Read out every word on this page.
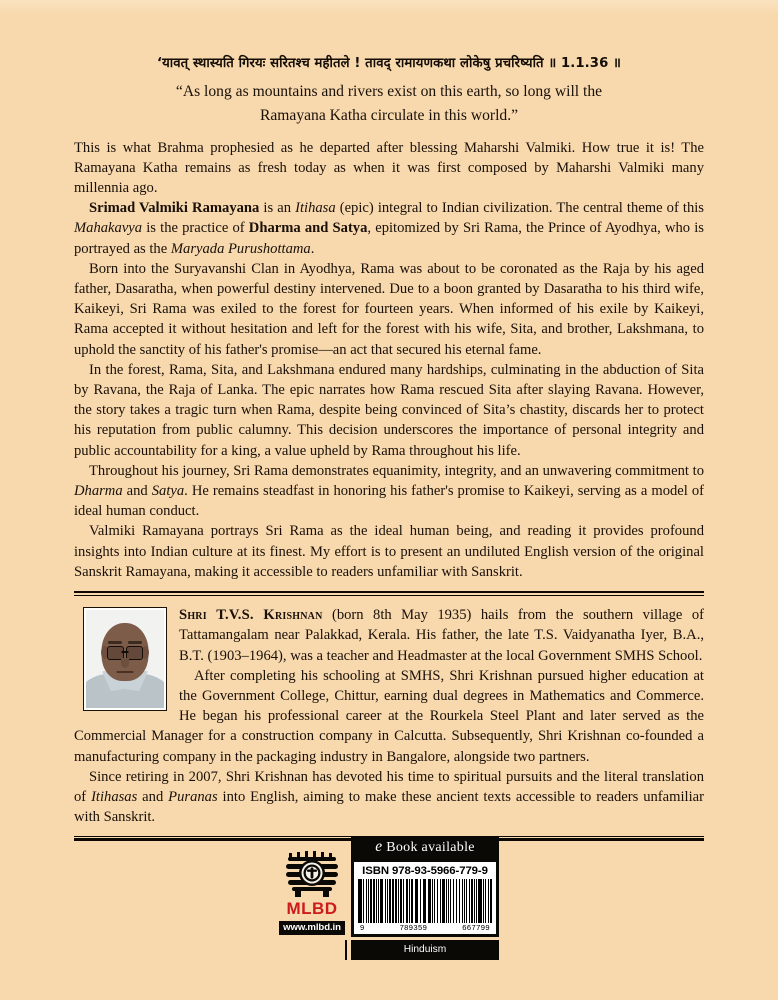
‘यावत् स्थास्यति गिरयः सरितश्च महीतले ! तावद् रामायणकथा लोकेषु प्रचरिष्यति ॥ 1.1.36 ॥
“As long as mountains and rivers exist on this earth, so long will the
Ramayana Katha circulate in this world.”

This is what Brahma prophesied as he departed after blessing Maharshi Valmiki. How true it is! The Ramayana Katha remains as fresh today as when it was first composed by Maharshi Valmiki many millennia ago.

Srimad Valmiki Ramayana is an Itihasa (epic) integral to Indian civilization. The central theme of this Mahakavya is the practice of Dharma and Satya, epitomized by Sri Rama, the Prince of Ayodhya, who is portrayed as the Maryada Purushottama.

Born into the Suryavanshi Clan in Ayodhya, Rama was about to be coronated as the Raja by his aged father, Dasaratha, when powerful destiny intervened. Due to a boon granted by Dasaratha to his third wife, Kaikeyi, Sri Rama was exiled to the forest for fourteen years. When informed of his exile by Kaikeyi, Rama accepted it without hesitation and left for the forest with his wife, Sita, and brother, Lakshmana, to uphold the sanctity of his father's promise—an act that secured his eternal fame.

In the forest, Rama, Sita, and Lakshmana endured many hardships, culminating in the abduction of Sita by Ravana, the Raja of Lanka. The epic narrates how Rama rescued Sita after slaying Ravana. However, the story takes a tragic turn when Rama, despite being convinced of Sita’s chastity, discards her to protect his reputation from public calumny. This decision underscores the importance of personal integrity and public accountability for a king, a value upheld by Rama throughout his life.

Throughout his journey, Sri Rama demonstrates equanimity, integrity, and an unwavering commitment to Dharma and Satya. He remains steadfast in honoring his father's promise to Kaikeyi, serving as a model of ideal human conduct.

Valmiki Ramayana portrays Sri Rama as the ideal human being, and reading it provides profound insights into Indian culture at its finest. My effort is to present an undiluted English version of the original Sanskrit Ramayana, making it accessible to readers unfamiliar with Sanskrit.

Shri T.V.S. Krishnan (born 8th May 1935) hails from the southern village of Tattamangalam near Palakkad, Kerala. His father, the late T.S. Vaidyanatha Iyer, B.A., B.T. (1903–1964), was a teacher and Headmaster at the local Government SMHS School.

After completing his schooling at SMHS, Shri Krishnan pursued higher education at the Government College, Chittur, earning dual degrees in Mathematics and Commerce. He began his professional career at the Rourkela Steel Plant and later served as the Commercial Manager for a construction company in Calcutta. Subsequently, Shri Krishnan co-founded a manufacturing company in the packaging industry in Bangalore, alongside two partners.

Since retiring in 2007, Shri Krishnan has devoted his time to spiritual pursuits and the literal translation of Itihasas and Puranas into English, aiming to make these ancient texts accessible to readers unfamiliar with Sanskrit.

MLBD
www.mlbd.in
e Book available
ISBN 978-93-5966-779-9
9	789359	667799
Hinduism
